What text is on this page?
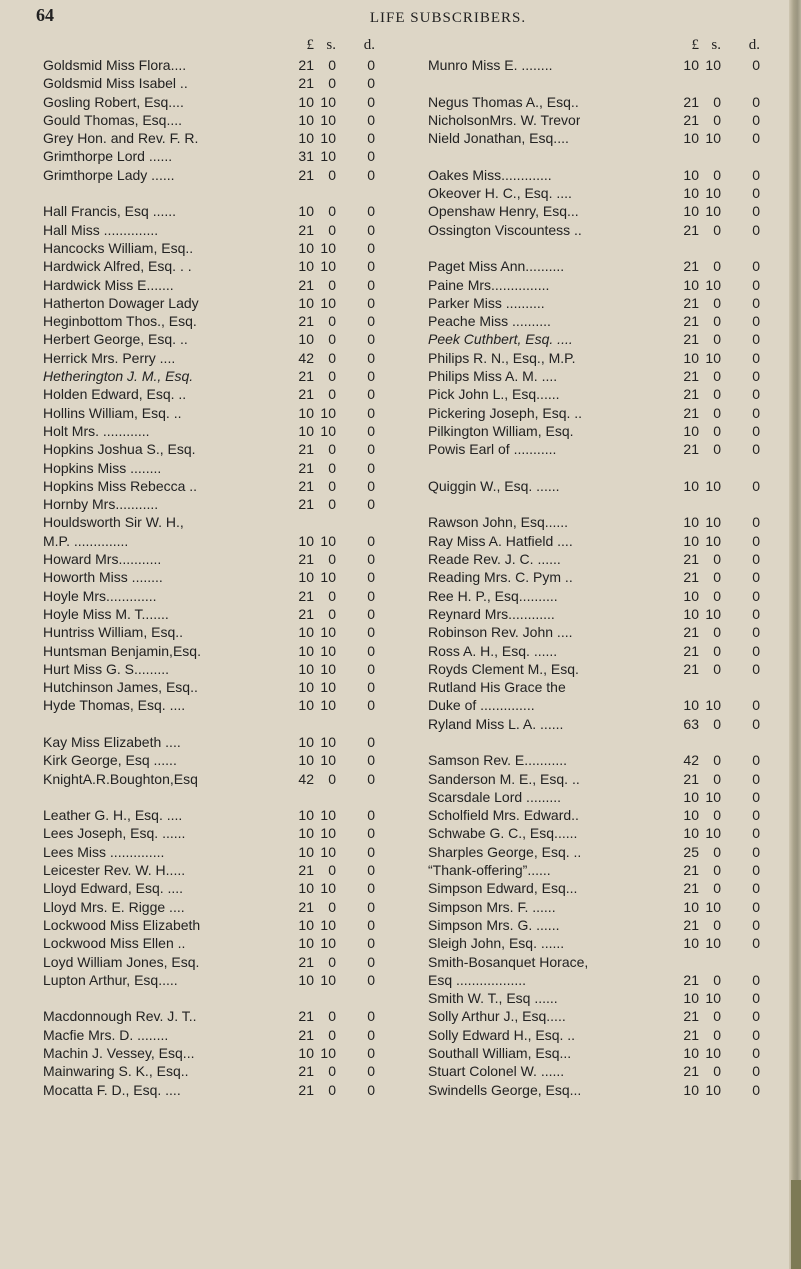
64	LIFE SUBSCRIBERS.
£ s.	d.
Goldsmid Miss Flora....	21	0	0
Goldsmid Miss Isabel ..	21	0	0
Gosling Robert, Esq....	10 10	0
Gould Thomas, Esq....	10 10	0
Grey Hon. and Rev. F. R.	10 10	0
Grimthorpe Lord ......	31 10	0
Grimthorpe Lady ......	21	0	0
Hall Francis, Esq ......	10	0	0
Hall Miss ..............	21	0	0
Hancocks William, Esq..	10 10	0
Hardwick Alfred, Esq. . .	10 10	0
Hardwick Miss E.......	21	0	0
Hatherton Dowager Lady	10 10	0
Heginbottom Thos., Esq.	21	0	0
Herbert George, Esq. ..	10	0	0
Herrick Mrs. Perry ....	42	0	0
Hetherington J. M., Esq.	21	0	0
Holden Edward, Esq. ..	21	0	0
Hollins William, Esq. ..	10 10	0
Holt Mrs. ............	10 10	0
Hopkins Joshua S., Esq.	21	0	0
Hopkins Miss ........	21	0	0
Hopkins Miss Rebecca ..	21	0	0
Hornby Mrs...........	21	0	0
Houldsworth Sir W. H.,
M.P. ..............	10 10	0
Howard Mrs...........	21	0	0
Howorth Miss ........	10 10	0
Hoyle Mrs.............	21	0	0
Hoyle Miss M. T.......	21	0	0
Huntriss William, Esq..	10 10	0
Huntsman Benjamin,Esq.	10 10	0
Hurt Miss G. S.........	10 10	0
Hutchinson James, Esq..	10 10	0
Hyde Thomas, Esq. ....	10 10	0
Kay Miss Elizabeth ....	10 10	0
Kirk George, Esq ......	10 10	0
KnightA.R.Boughton,Esq	42	0	0
Leather G. H., Esq. ....	10 10	0
Lees Joseph, Esq. ......	10 10	0
Lees Miss ..............	10 10	0
Leicester Rev. W. H.....	21	0	0
Lloyd Edward, Esq. ....	10 10	0
Lloyd Mrs. E. Rigge ....	21	0	0
Lockwood Miss Elizabeth	10 10	0
Lockwood Miss Ellen ..	10 10	0
Loyd William Jones, Esq.	21	0	0
Lupton Arthur, Esq.....	10 10	0
Macdonnough Rev. J. T..	21	0	0
Macfie Mrs. D. ........	21	0	0
Machin J. Vessey, Esq...	10 10	0
Mainwaring S. K., Esq..	21	0	0
Mocatta F. D., Esq. ....	21	0	0
£ s.	d.
Munro Miss E. ........	10 10	0
Negus Thomas A., Esq..	21	0	0
NicholsonMrs. W. Trevor	21	0	0
Nield Jonathan, Esq....	10 10	0
Oakes Miss.............	10	0	0
Okeover H. C., Esq. ....	10 10	0
Openshaw Henry, Esq...	10 10	0
Ossington Viscountess ..	21	0	0
Paget Miss Ann..........	21	0	0
Paine Mrs...............	10 10	0
Parker Miss ..........	21	0	0
Peache Miss ..........	21	0	0
Peek Cuthbert, Esq. ....	21	0	0
Philips R. N., Esq., M.P.	10 10	0
Philips Miss A. M. ....	21	0	0
Pick John L., Esq......	21	0	0
Pickering Joseph, Esq. ..	21	0	0
Pilkington William, Esq.	10	0	0
Powis Earl of ...........	21	0	0
Quiggin W., Esq. ......	10 10	0
Rawson John, Esq......	10 10	0
Ray Miss A. Hatfield ....	10 10	0
Reade Rev. J. C. ......	21	0	0
Reading Mrs. C. Pym ..	21	0	0
Ree H. P., Esq..........	10	0	0
Reynard Mrs............	10 10	0
Robinson Rev. John ....	21	0	0
Ross A. H., Esq. ......	21	0	0
Royds Clement M., Esq.	21	0	0
Rutland His Grace the
Duke of ..............	10 10	0
Ryland Miss L. A. ......	63	0	0
Samson Rev. E...........	42	0	0
Sanderson M. E., Esq. ..	21	0	0
Scarsdale Lord .........	10 10	0
Scholfield Mrs. Edward..	10	0	0
Schwabe G. C., Esq......	10 10	0
Sharples George, Esq. ..	25	0	0
“Thank-offering”......	21	0	0
Simpson Edward, Esq...	21	0	0
Simpson Mrs. F. ......	10 10	0
Simpson Mrs. G. ......	21	0	0
Sleigh John, Esq. ......	10 10	0
Smith-Bosanquet Horace,
Esq ..................	21	0	0
Smith W. T., Esq ......	10 10	0
Solly Arthur J., Esq.....	21	0	0
Solly Edward H., Esq. ..	21	0	0
Southall William, Esq...	10 10	0
Stuart Colonel W. ......	21	0	0
Swindells George, Esq...	10 10	0
